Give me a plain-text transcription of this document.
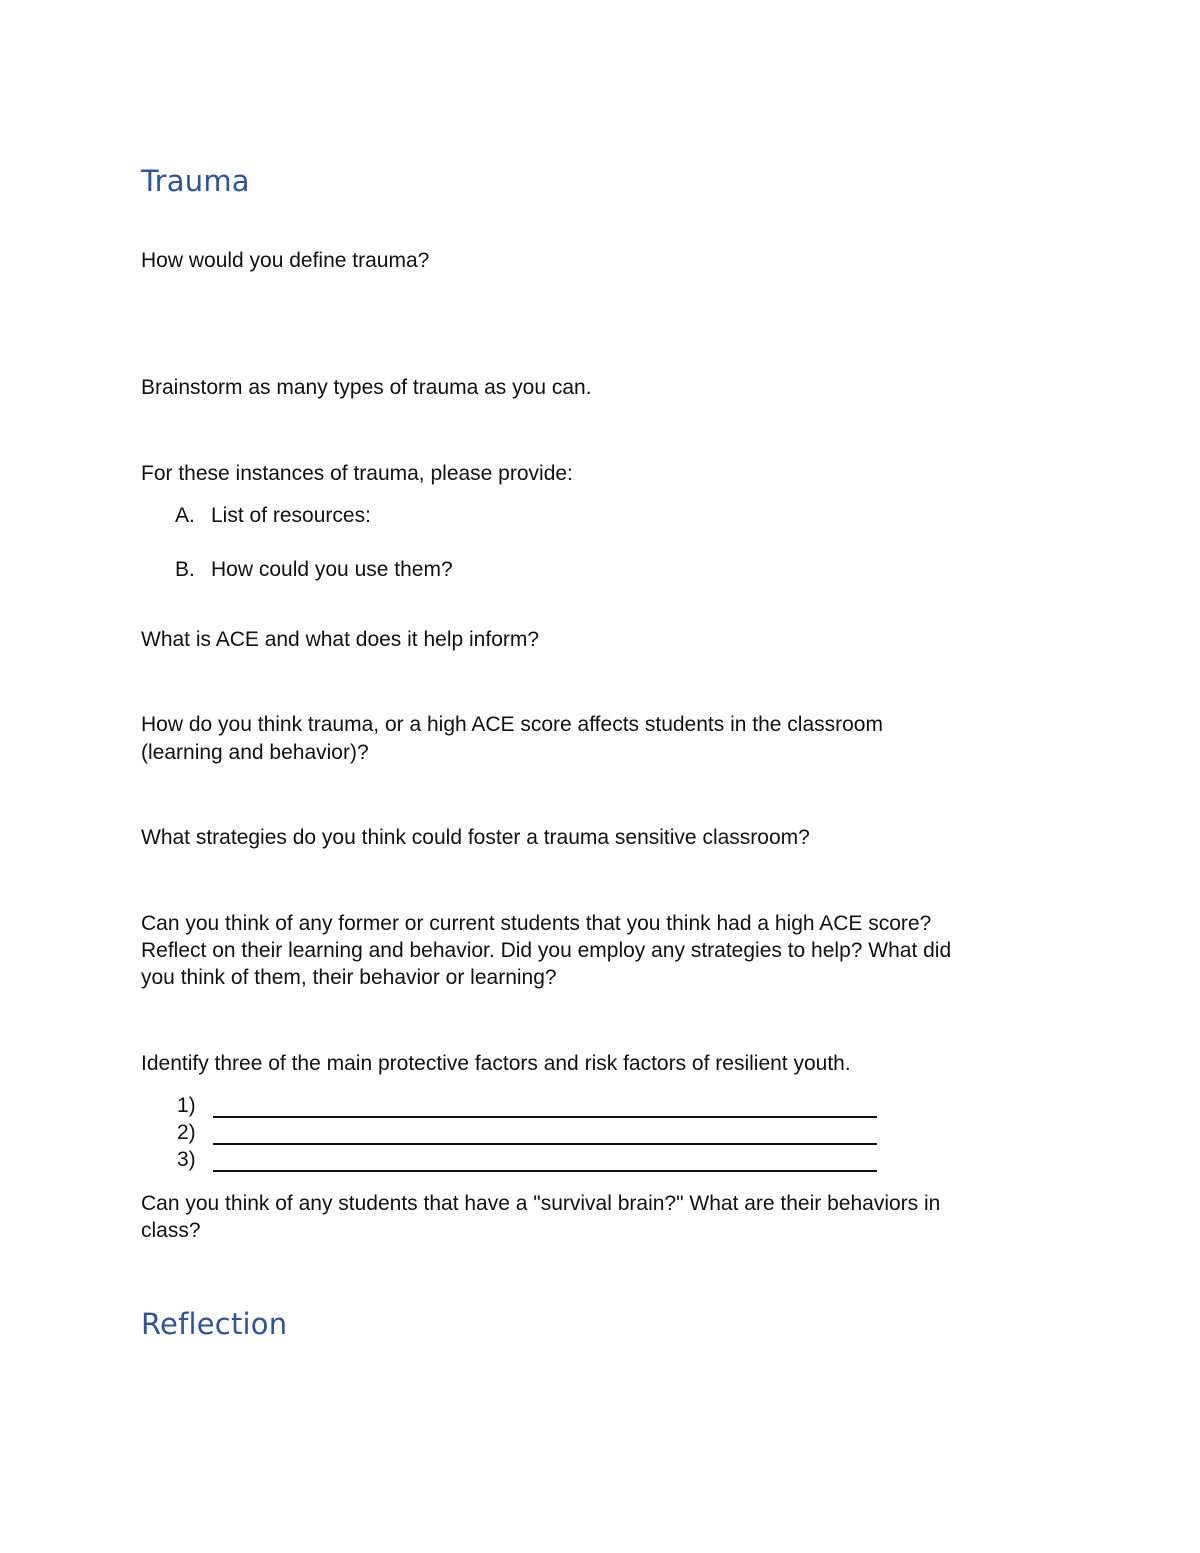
Trauma

How would you define trauma?

Brainstorm as many types of trauma as you can.

For these instances of trauma, please provide:

A. List of resources:

B. How could you use them?

What is ACE and what does it help inform?

How do you think trauma, or a high ACE score affects students in the classroom

(learning and behavior)?

What strategies do you think could foster a trauma sensitive classroom?

Can you think of any former or current students that you think had a high ACE score?

Reflect on their learning and behavior. Did you employ any strategies to help? What did

you think of them, their behavior or learning?

Identify three of the main protective factors and risk factors of resilient youth.

1)

2)

3)

Can you think of any students that have a "survival brain?" What are their behaviors in

class?

Reflection
